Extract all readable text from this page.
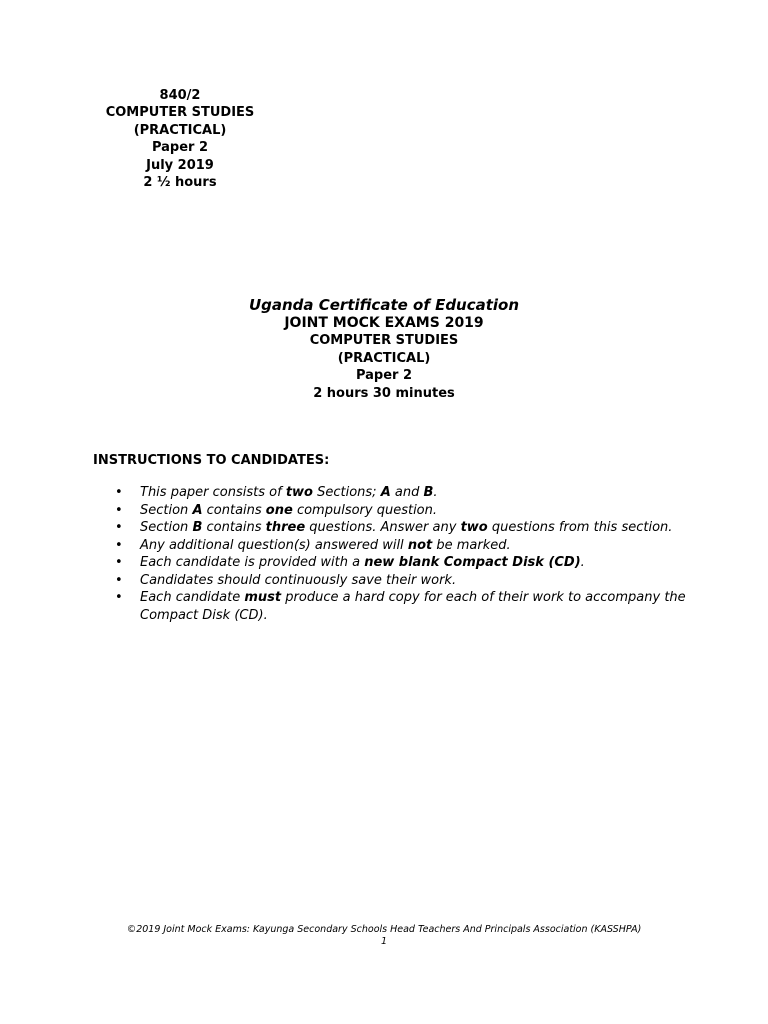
840/2
COMPUTER STUDIES
(PRACTICAL)
Paper 2
July 2019
2 ½ hours
Uganda Certificate of Education
JOINT MOCK EXAMS 2019
COMPUTER STUDIES
(PRACTICAL)
Paper 2
2 hours 30 minutes
INSTRUCTIONS TO CANDIDATES:
• This paper consists of two Sections; A and B.
• Section A contains one compulsory question.
• Section B contains three questions. Answer any two questions from this section.
• Any additional question(s) answered will not be marked.
• Each candidate is provided with a new blank Compact Disk (CD).
• Candidates should continuously save their work.
• Each candidate must produce a hard copy for each of their work to accompany the Compact Disk (CD).
©2019 Joint Mock Exams: Kayunga Secondary Schools Head Teachers And Principals Association (KASSHPA)
1
